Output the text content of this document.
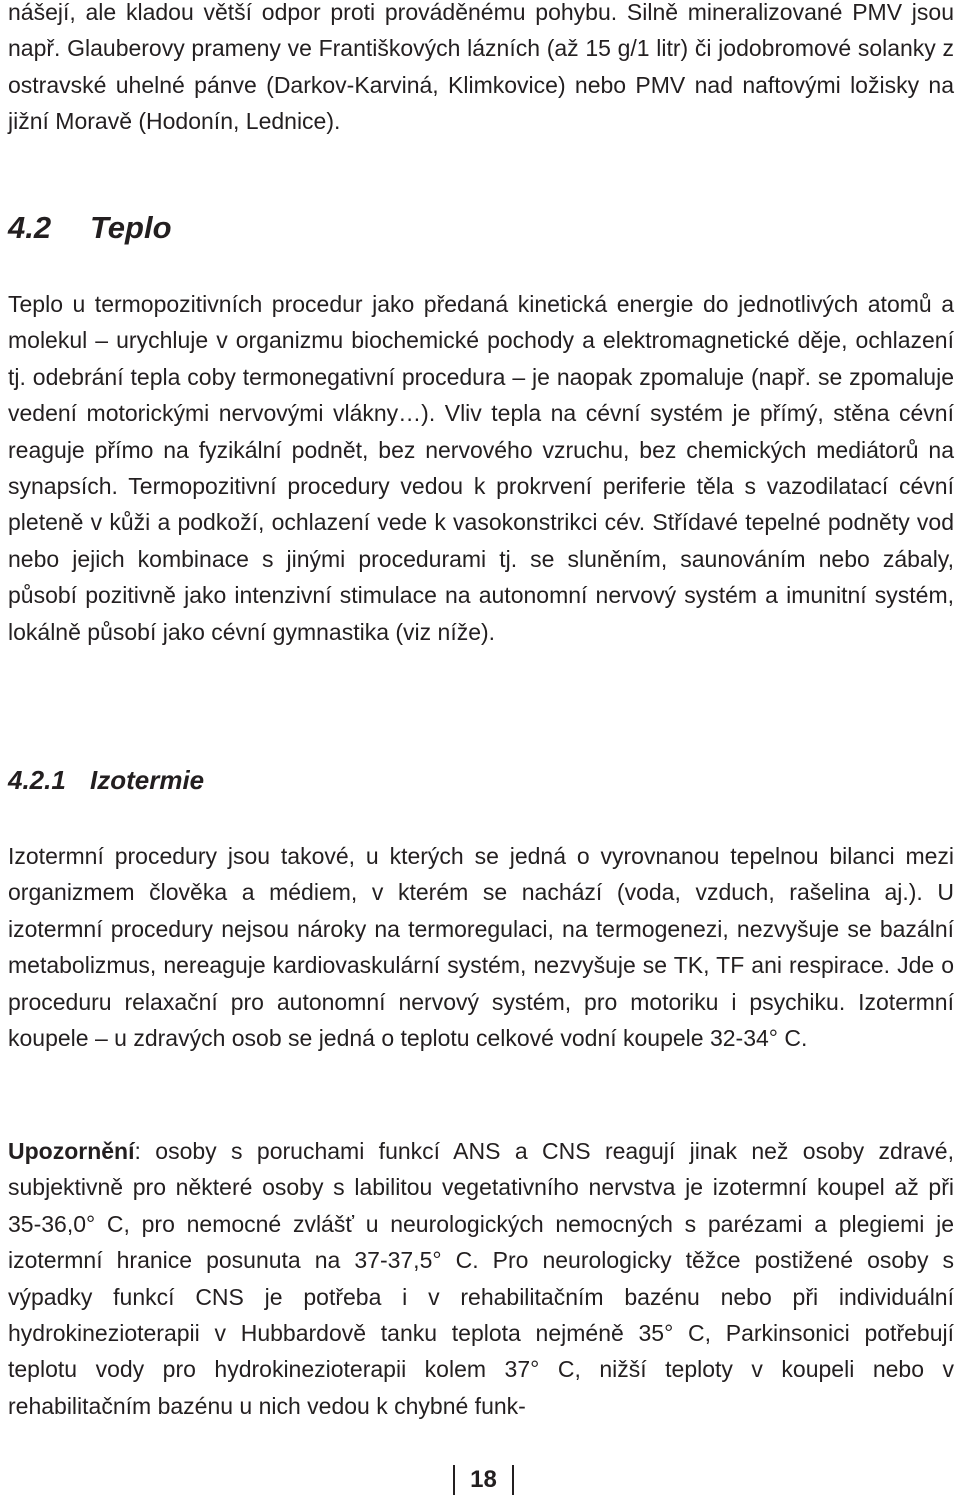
nášejí, ale kladou větší odpor proti prováděnému pohybu. Silně mineralizované PMV jsou např. Glauberovy prameny ve Františkových lázních (až 15 g/1 litr) či jodobromové solanky z ostravské uhelné pánve (Darkov-Karviná, Klimkovice) nebo PMV nad naftovými ložisky na jižní Moravě (Hodonín, Lednice).

4.2 Teplo

Teplo u termopozitivních procedur jako předaná kinetická energie do jednotlivých atomů a molekul – urychluje v organizmu biochemické pochody a elektromagnetické děje, ochlazení tj. odebrání tepla coby termonegativní procedura – je naopak zpomaluje (např. se zpomaluje vedení motorickými nervovými vlákny…). Vliv tepla na cévní systém je přímý, stěna cévní reaguje přímo na fyzikální podnět, bez nervového vzruchu, bez chemických mediátorů na synapsích. Termopozitivní procedury vedou k prokrvení periferie těla s vazodilatací cévní pleteně v kůži a podkoží, ochlazení vede k vasokonstrikci cév. Střídavé tepelné podněty vod nebo jejich kombinace s jinými procedurami tj. se sluněním, saunováním nebo zábaly, působí pozitivně jako intenzivní stimulace na autonomní nervový systém a imunitní systém, lokálně působí jako cévní gymnastika (viz níže).

4.2.1 Izotermie

Izotermní procedury jsou takové, u kterých se jedná o vyrovnanou tepelnou bilanci mezi organizmem člověka a médiem, v kterém se nachází (voda, vzduch, rašelina aj.). U izotermní procedury nejsou nároky na termoregulaci, na termogenezi, nezvyšuje se bazální metabolizmus, nereaguje kardiovaskulární systém, nezvyšuje se TK, TF ani respirace. Jde o proceduru relaxační pro autonomní nervový systém, pro motoriku i psychiku. Izotermní koupele – u zdravých osob se jedná o teplotu celkové vodní koupele 32-34° C.

Upozornění: osoby s poruchami funkcí ANS a CNS reagují jinak než osoby zdravé, subjektivně pro některé osoby s labilitou vegetativního nervstva je izotermní koupel až při 35-36,0° C, pro nemocné zvlášť u neurologických nemocných s parézami a plegiemi je izotermní hranice posunuta na 37-37,5° C. Pro neurologicky těžce postižené osoby s výpadky funkcí CNS je potřeba i v rehabilitačním bazénu nebo při individuální hydrokinezioterapii v Hubbardově tanku teplota nejméně 35° C, Parkinsonici potřebují teplotu vody pro hydrokinezioterapii kolem 37° C, nižší teploty v koupeli nebo v rehabilitačním bazénu u nich vedou k chybné funk-

18
